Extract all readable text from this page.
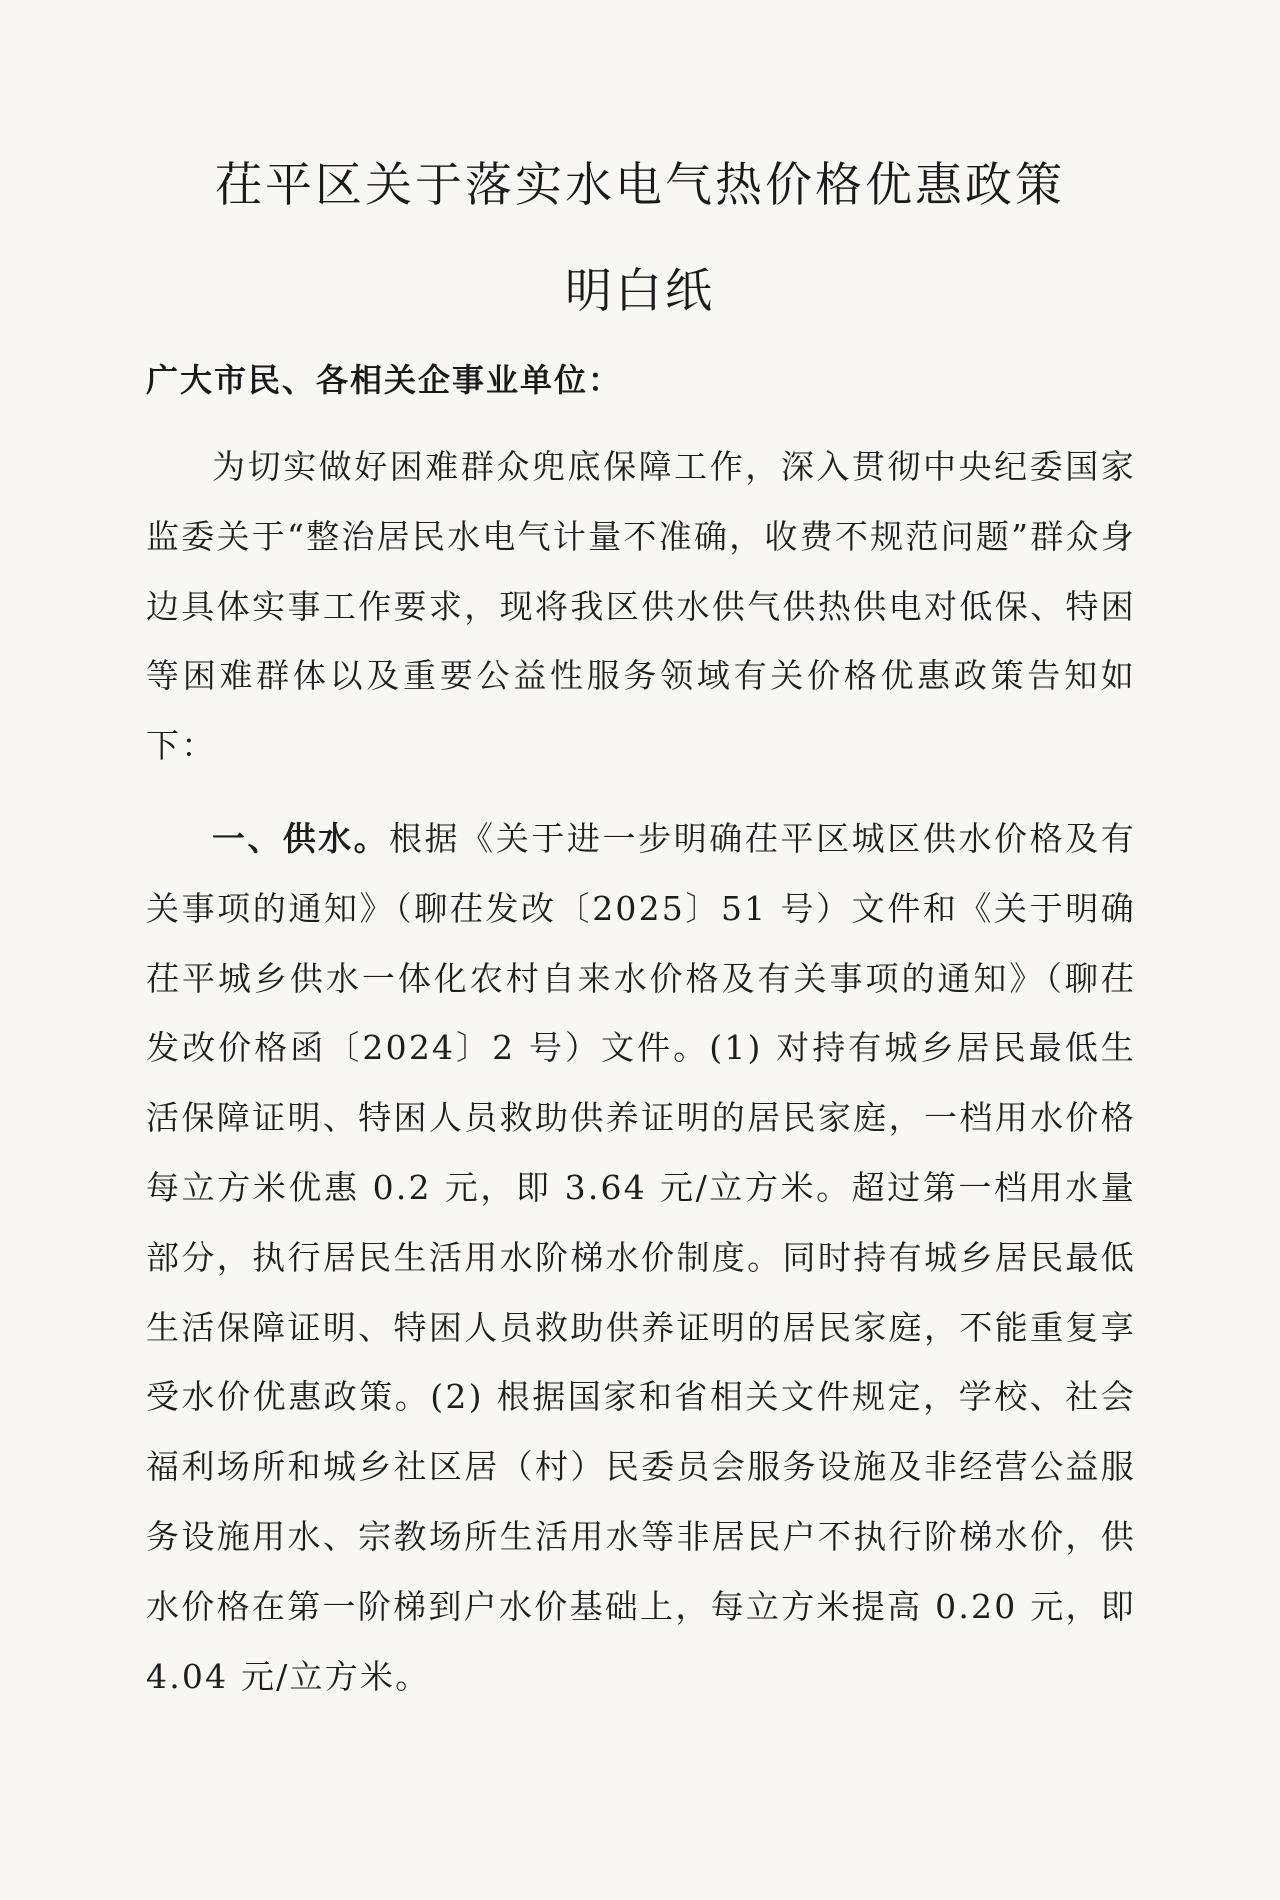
茌平区关于落实水电气热价格优惠政策
明白纸
广大市民、各相关企事业单位：
为切实做好困难群众兜底保障工作，深入贯彻中央纪委国家监委关于“整治居民水电气计量不准确，收费不规范问题”群众身边具体实事工作要求，现将我区供水供气供热供电对低保、特困等困难群体以及重要公益性服务领域有关价格优惠政策告知如下：
一、供水。根据《关于进一步明确茌平区城区供水价格及有关事项的通知》（聊茌发改〔2025〕51 号）文件和《关于明确茌平城乡供水一体化农村自来水价格及有关事项的通知》（聊茌发改价格函〔2024〕2 号）文件。(1) 对持有城乡居民最低生活保障证明、特困人员救助供养证明的居民家庭，一档用水价格每立方米优惠 0.2 元，即 3.64 元/立方米。超过第一档用水量部分，执行居民生活用水阶梯水价制度。同时持有城乡居民最低生活保障证明、特困人员救助供养证明的居民家庭，不能重复享受水价优惠政策。(2) 根据国家和省相关文件规定，学校、社会福利场所和城乡社区居（村）民委员会服务设施及非经营公益服务设施用水、宗教场所生活用水等非居民户不执行阶梯水价，供水价格在第一阶梯到户水价基础上，每立方米提高 0.20 元，即 4.04 元/立方米。
